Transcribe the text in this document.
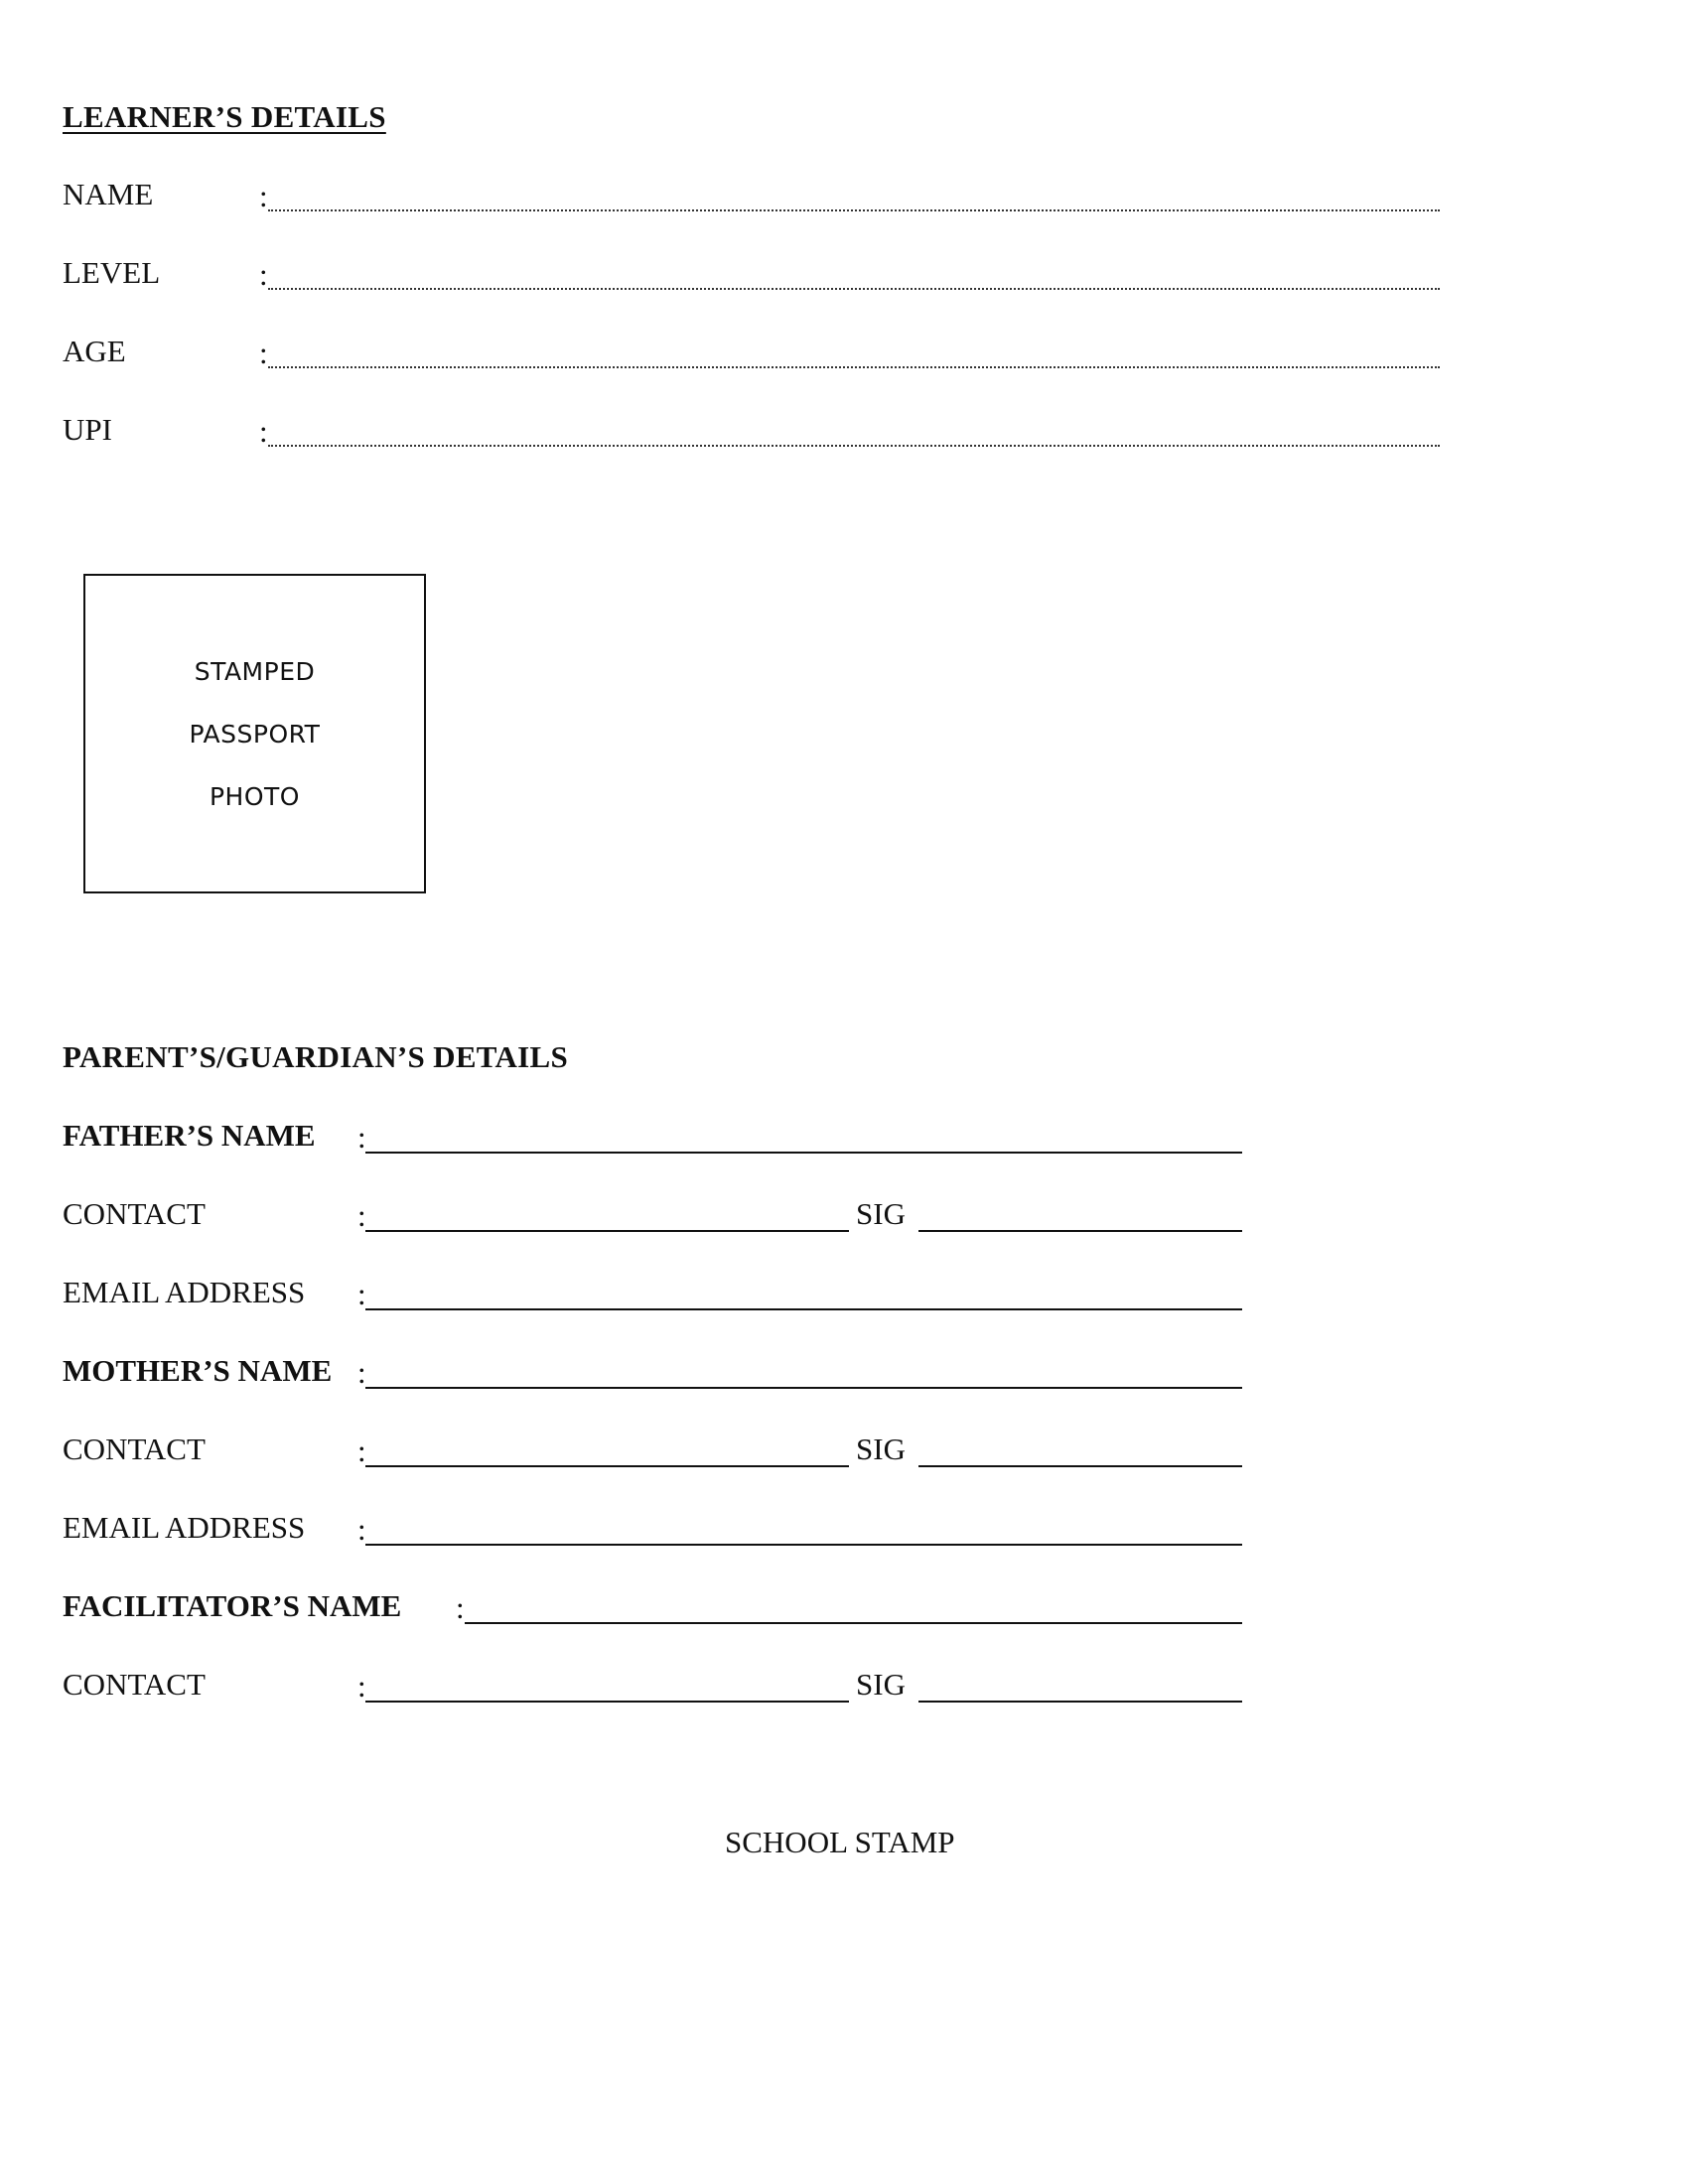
LEARNER’S DETAILS
NAME	:
LEVEL	:
AGE	:
UPI	:
STAMPED
PASSPORT
PHOTO
PARENT’S/GUARDIAN’S DETAILS
FATHER’S NAME :
CONTACT	:	SIG
EMAIL ADDRESS :
MOTHER’S NAME :
CONTACT	:	SIG
EMAIL ADDRESS :
FACILITATOR’S NAME :
CONTACT	:	SIG
SCHOOL STAMP
